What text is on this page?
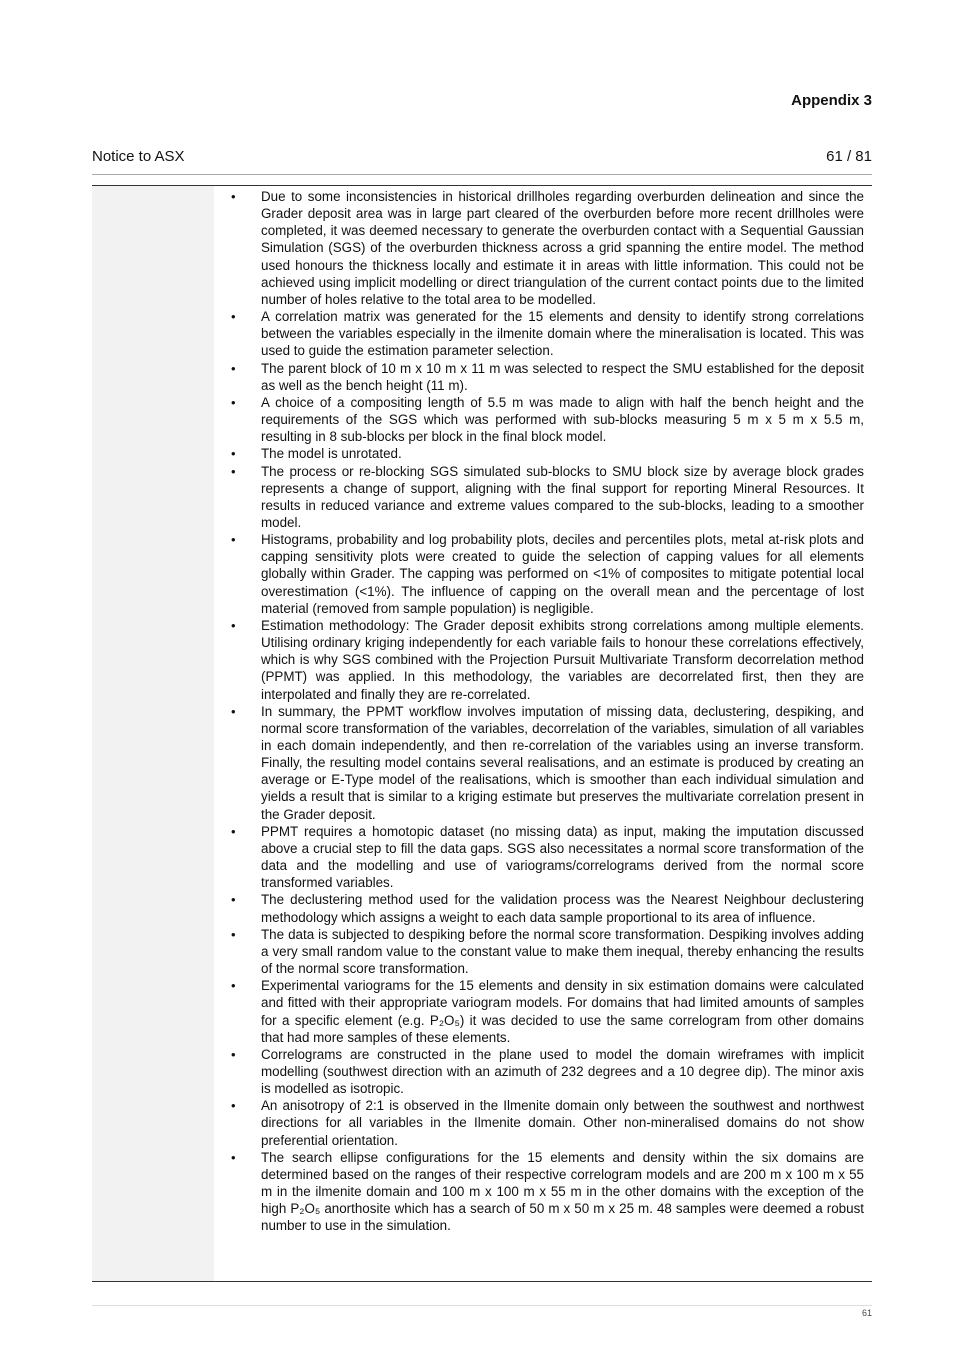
Appendix 3
Notice to ASX	61 / 81
• Due to some inconsistencies in historical drillholes regarding overburden delineation and since the Grader deposit area was in large part cleared of the overburden before more recent drillholes were completed, it was deemed necessary to generate the overburden contact with a Sequential Gaussian Simulation (SGS) of the overburden thickness across a grid spanning the entire model. The method used honours the thickness locally and estimate it in areas with little information. This could not be achieved using implicit modelling or direct triangulation of the current contact points due to the limited number of holes relative to the total area to be modelled.
• A correlation matrix was generated for the 15 elements and density to identify strong correlations between the variables especially in the ilmenite domain where the mineralisation is located. This was used to guide the estimation parameter selection.
• The parent block of 10 m x 10 m x 11 m was selected to respect the SMU established for the deposit as well as the bench height (11 m).
• A choice of a compositing length of 5.5 m was made to align with half the bench height and the requirements of the SGS which was performed with sub-blocks measuring 5 m x 5 m x 5.5 m, resulting in 8 sub-blocks per block in the final block model.
• The model is unrotated.
• The process or re-blocking SGS simulated sub-blocks to SMU block size by average block grades represents a change of support, aligning with the final support for reporting Mineral Resources. It results in reduced variance and extreme values compared to the sub-blocks, leading to a smoother model.
• Histograms, probability and log probability plots, deciles and percentiles plots, metal at-risk plots and capping sensitivity plots were created to guide the selection of capping values for all elements globally within Grader. The capping was performed on <1% of composites to mitigate potential local overestimation (<1%). The influence of capping on the overall mean and the percentage of lost material (removed from sample population) is negligible.
• Estimation methodology: The Grader deposit exhibits strong correlations among multiple elements. Utilising ordinary kriging independently for each variable fails to honour these correlations effectively, which is why SGS combined with the Projection Pursuit Multivariate Transform decorrelation method (PPMT) was applied. In this methodology, the variables are decorrelated first, then they are interpolated and finally they are re-correlated.
• In summary, the PPMT workflow involves imputation of missing data, declustering, despiking, and normal score transformation of the variables, decorrelation of the variables, simulation of all variables in each domain independently, and then re-correlation of the variables using an inverse transform. Finally, the resulting model contains several realisations, and an estimate is produced by creating an average or E-Type model of the realisations, which is smoother than each individual simulation and yields a result that is similar to a kriging estimate but preserves the multivariate correlation present in the Grader deposit.
• PPMT requires a homotopic dataset (no missing data) as input, making the imputation discussed above a crucial step to fill the data gaps. SGS also necessitates a normal score transformation of the data and the modelling and use of variograms/correlograms derived from the normal score transformed variables.
• The declustering method used for the validation process was the Nearest Neighbour declustering methodology which assigns a weight to each data sample proportional to its area of influence.
• The data is subjected to despiking before the normal score transformation. Despiking involves adding a very small random value to the constant value to make them inequal, thereby enhancing the results of the normal score transformation.
• Experimental variograms for the 15 elements and density in six estimation domains were calculated and fitted with their appropriate variogram models. For domains that had limited amounts of samples for a specific element (e.g. P₂O₅) it was decided to use the same correlogram from other domains that had more samples of these elements.
• Correlograms are constructed in the plane used to model the domain wireframes with implicit modelling (southwest direction with an azimuth of 232 degrees and a 10 degree dip). The minor axis is modelled as isotropic.
• An anisotropy of 2:1 is observed in the Ilmenite domain only between the southwest and northwest directions for all variables in the Ilmenite domain. Other non-mineralised domains do not show preferential orientation.
• The search ellipse configurations for the 15 elements and density within the six domains are determined based on the ranges of their respective correlogram models and are 200 m x 100 m x 55 m in the ilmenite domain and 100 m x 100 m x 55 m in the other domains with the exception of the high P₂O₅ anorthosite which has a search of 50 m x 50 m x 25 m. 48 samples were deemed a robust number to use in the simulation.
61
